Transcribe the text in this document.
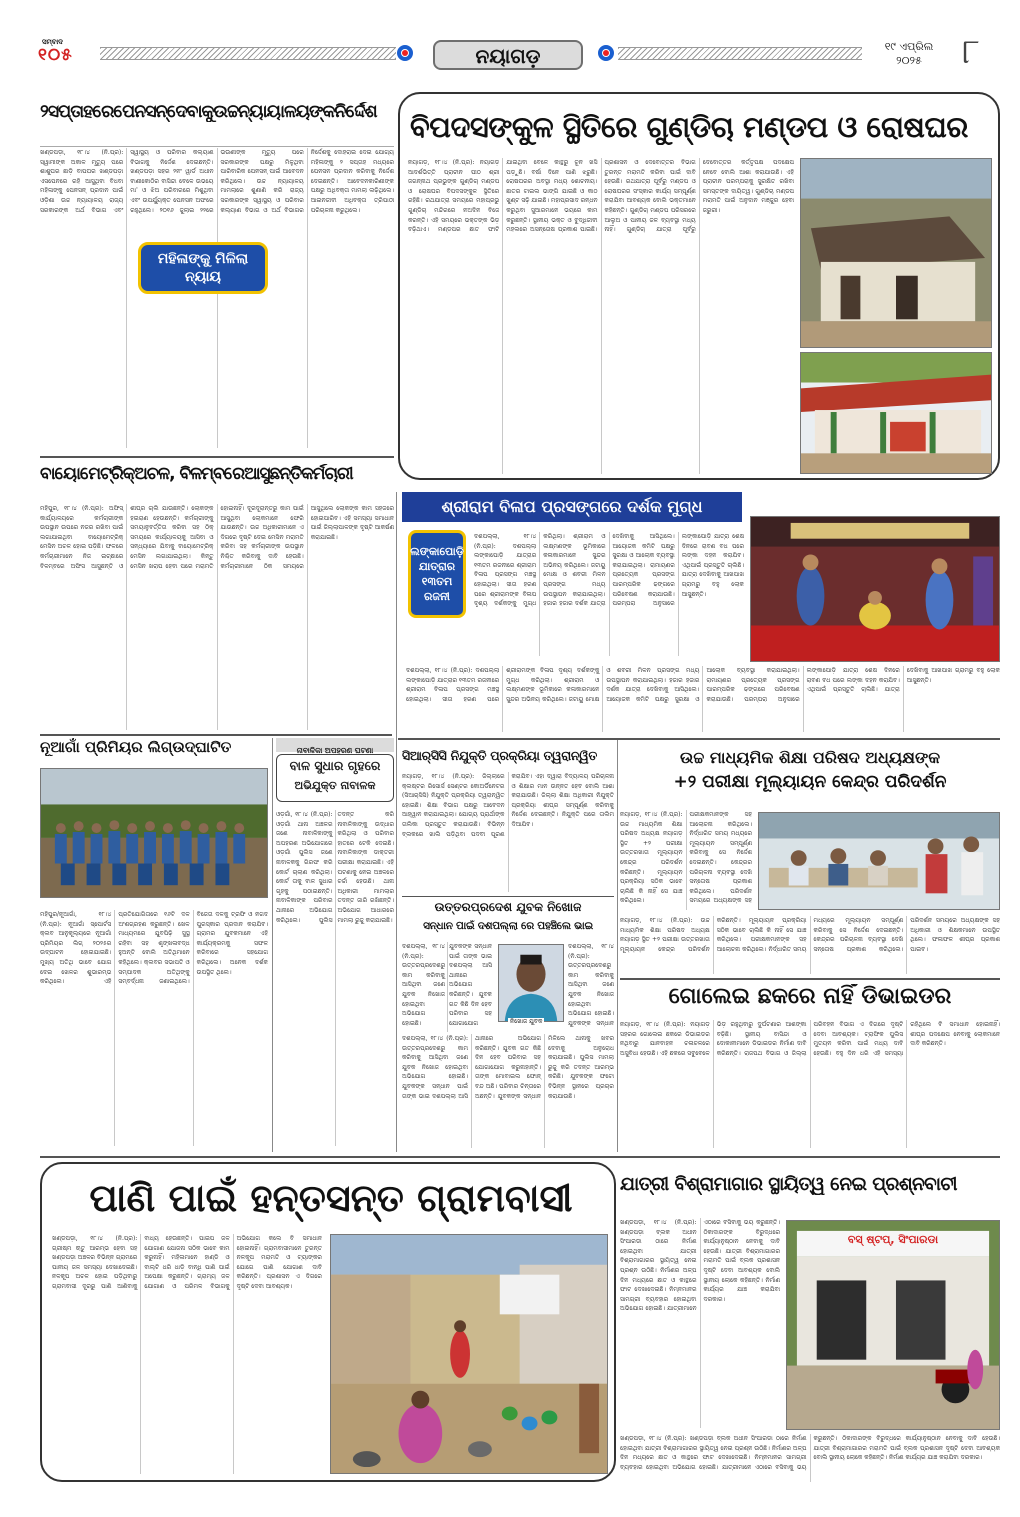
ସମ୍ବାଦ
୧୦୫	ନୟାଗଡ଼	୧୯ ଏପ୍ରିଲ
୨୦୨୫	୮
୨ସପ୍ତାହରେପେନସନ୍‌ଦେବାକୁଉଚ୍ଚନ୍ୟାୟାଳୟଙ୍କନିର୍ଦ୍ଦେଶ
ଖଣ୍ଡପଡ଼ା, ୧୮।୪ (ନି.ପ୍ର): ସ୍ୱାମୀଙ୍କ ଅକାଳ ମୃତ୍ୟୁ ପରେ ଶାଶୁଘର ଛାଡ଼ି ବାପଘର ଖଣ୍ଡପଡ଼ା ଏସପେନରେ ରହି ଆସୁଥିବା ବିଧବା ମହିଳାଙ୍କୁ ପେନସନ୍ ପ୍ରଦାନ ପାଇଁ ଓଡ଼ିଶା ଉଚ୍ଚ ନ୍ୟାୟାଳୟ ରାଜ୍ୟ ସରକାରଙ୍କ ଅର୍ଥ ବିଭାଗ ଏବଂ ସ୍ୱାସ୍ଥ୍ୟ ଓ ପରିବାର କଲ୍ୟାଣ ବିଭାଗକୁ ନିର୍ଦ୍ଦେଶ ଦେଇଛନ୍ତି। ଖଣ୍ଡପଡ଼ା ସହର ୨ନଂ ୱାର୍ଡ ଅଧୀନ ବାଣୀକୋଠିର ବାସିନ୍ଦା ବେଳେ ଉଭୟେ ମା' ଓ ଝିଅ ପରିବାରରେ ମିଶୁଥିବା ଏବଂ ଉପର୍ଯ୍ୟୁକ୍ତ ପେନସନ ଅଫରେ ରହୁଥିଲେ। ୨୦୧୬ ଜୁଲାଇ ୨୨ରେ ଭଉଣୀଙ୍କ ମୃତ୍ୟୁ ପରେ ସରକାରଙ୍କ ପକ୍ଷରୁ ମିଳୁଥିବା ପାରିବାରିକ ପେନସନ୍ ପାଇଁ ଆବେଦନ କରିଥିଲେ। ଉଚ୍ଚ ନ୍ୟାୟାଳୟ ମାମଲାରେ ଶୁଣାଣି କରି ରାଜ୍ୟ ସରକାରଙ୍କ ସ୍ୱାସ୍ଥ୍ୟ ଓ ପରିବାର କଲ୍ୟାଣ ବିଭାଗ ଓ ଅର୍ଥ ବିଭାଗର ନିର୍ଦ୍ଦେଶକୁ ଦୋହରାଇ ଦେଇ ଯୋଗ୍ୟ ମହିଳାଙ୍କୁ ୨ ସପ୍ତାହ ମଧ୍ୟରେ ପେନସନ ପ୍ରଦାନ କରିବାକୁ ନିର୍ଦ୍ଦେଶ ଦେଇଛନ୍ତି। ଆବେଦନକାରିଣୀଙ୍କ ପକ୍ଷରୁ ଅଧିବକ୍ତା ମାମଲା ଲଢ଼ିଥିଲେ। ଆଇନଜୀବୀ ଅଧିବକ୍ତା ତ୍ରିପାଠୀ ପରିଚାଳନା କରୁଥିଲେ।
ମହିଳାଙ୍କୁ ମିଳିଲା ନ୍ୟାୟ
ବିପଦସଙ୍କୁଳ ସ୍ଥିତିରେ ଗୁଣ୍ଡିଚା ମଣ୍ଡପ ଓ ରୋଷଘର
ନୟାଗଡ଼, ୧୮।୪ (ନି.ପ୍ର): ନୟାଗଡ଼ ଆଦର୍ଶଭିତ୍ତି ପ୍ରାଚୀନ ପୀଠ ଶ୍ରୀ ଜଗନ୍ନାଥ ପ୍ରଭୁଙ୍କ ଗୁଣ୍ଡିଚା ମଣ୍ଡପ ଓ ରୋଷଘର ବିପଦସଙ୍କୁଳ ସ୍ଥିତିରେ ରହିଛି। ରଥଯାତ୍ରା ସମୟରେ ମହାପ୍ରଭୁ ଗୁଣ୍ଡିଚା ମନ୍ଦିରରେ ନଅଦିନ ବିଜେ କରନ୍ତି। ଏହି ସମୟରେ ଭକ୍ତଙ୍କ ଭିଡ଼ ବଢ଼ିଥାଏ। ମଣ୍ଡପର ଛାତ ଫାଟି ଯାଇଥିବା ବେଳେ କାନ୍ଥରୁ ଚୂନ ଖସି ପଡ଼ୁଛି। ବର୍ଷା ଦିନେ ପାଣି ଝରୁଛି। ରୋଷଘରର ଅବସ୍ଥା ମଧ୍ୟ ଶୋଚନୀୟ। ଛାତର ଟାଇଲ ଭାଙ୍ଗି ଯାଇଛି ଓ କାଠ ଖୁଣ୍ଟ ସଢ଼ି ଯାଇଛି। ମହାପ୍ରସାଦ ରନ୍ଧନ କରୁଥିବା ସୁଆରମାନେ ଭୟରେ କାମ କରୁଛନ୍ତି। ସ୍ଥାନୀୟ ଭକ୍ତ ଓ ବୁଦ୍ଧିଜୀବୀ ମହଲରେ ଅସନ୍ତୋଷ ପ୍ରକାଶ ପାଇଛି। ପ୍ରଶାସନ ଓ ଦେବୋତ୍ତର ବିଭାଗ ତୁରନ୍ତ ମରାମତି କରିବା ପାଇଁ ଦାବି ହେଉଛି। ରଥଯାତ୍ରା ପୂର୍ବରୁ ମଣ୍ଡପ ଓ ରୋଷଘରର ସଂସ୍କାର କାର୍ଯ୍ୟ ସମ୍ପୂର୍ଣ୍ଣ କରାଯିବା ଆବଶ୍ୟକ ବୋଲି ଭକ୍ତମାନେ କହିଛନ୍ତି। ଗୁଣ୍ଡିଚା ମଣ୍ଡପ ପରିସରରେ ଆଲୁଅ ଓ ପାନୀୟ ଜଳ ବ୍ୟବସ୍ଥା ମଧ୍ୟ ନାହିଁ। ଗୁଣ୍ଡିଚା ଯାତ୍ରା ପୂର୍ବରୁ ଦେବୋତ୍ତର କର୍ତ୍ତୃପକ୍ଷ ପଦକ୍ଷେପ ନେବେ ବୋଲି ଆଶା କରାଯାଉଛି। ଏହି ପ୍ରାଚୀନ ପରମ୍ପରାକୁ ସୁରକ୍ଷିତ ରଖିବା ସମସ୍ତଙ୍କ ଦାୟିତ୍ୱ। ଗୁଣ୍ଡିଚା ମଣ୍ଡପ ମରାମତି ପାଇଁ ଅନୁଦାନ ମଞ୍ଜୁର ହେବା ଜରୁରୀ।
ବାୟୋମେଟ୍ରିକ୍‌ଅଚଳ, ବିଳମ୍ବରେଆସୁଛନ୍ତିକର୍ମଚାରୀ
ମହିପୁର, ୧୮।୪ (ନି.ପ୍ର): ଅଫିସ୍ କାର୍ଯ୍ୟାଳୟରେ କର୍ମଚାରୀଙ୍କ ଉପସ୍ଥାନ ଉପରେ ନଜର ରଖିବା ପାଇଁ ଲଗାଯାଇଥିବା ବାୟୋମେଟ୍ରିକ୍ ମେସିନ ଅଚଳ ହୋଇ ପଡ଼ିଛି। ଫଳରେ କର୍ମଚାରୀମାନେ ନିଜ ଇଚ୍ଛାରେ ବିଳମ୍ବରେ ଅଫିସ ଆସୁଛନ୍ତି ଓ ଶୀଘ୍ର ଚାଲି ଯାଉଛନ୍ତି। ଲୋକଙ୍କ ହଇରାଣ ହେଉଛନ୍ତି। କର୍ମଚାରୀଙ୍କୁ ସମୟାନୁବର୍ତ୍ତିତା କରିବା ସହ ଠିକ୍ ସମୟରେ କାର୍ଯ୍ୟାଳୟକୁ ଆସିବା ଓ ସନ୍ଧ୍ୟାରେ ଯିବାକୁ ବାୟୋମେଟ୍ରିକ୍ ମେସିନ ଲଗାଯାଇଥିଲା। କିନ୍ତୁ ମେସିନ ଖରାପ ହେବା ପରେ ମରାମତି ହୋଇନାହିଁ। ଦୂରଦୂରାନ୍ତରୁ କାମ ପାଇଁ ଆସୁଥିବା ଲୋକମାନେ ଫେରି ଯାଉଛନ୍ତି। ଉଚ୍ଚ ଅଧିକାରୀମାନେ ଏ ଦିଗରେ ଦୃଷ୍ଟି ଦେଇ ମେସିନ ମରାମତି କରିବା ସହ କର୍ମଚାରୀଙ୍କ ଉପସ୍ଥାନ ନିଶ୍ଚିତ କରିବାକୁ ଦାବି ହେଉଛି। କର୍ମଚାରୀମାନେ ଠିକ ସମୟରେ ଆସୁଥିଲେ ଲୋକଙ୍କ କାମ ସହଜରେ ହୋଇପାରିବ। ଏହି ସମସ୍ୟା ସମାଧାନ ପାଇଁ ଜିଲ୍ଲାପାଳଙ୍କ ଦୃଷ୍ଟି ଆକର୍ଷଣ କରାଯାଇଛି।
ଶ୍ରୀରାମ ବିଳାପ ପ୍ରସଙ୍ଗରେ ଦର୍ଶକ ମୁଗ୍ଧ
ଲଙ୍କାପୋଡ଼ି ଯାତ୍ରାର ୧୩ତମ ରଜନୀ
ଦଶପଲ୍ଲା, ୧୮।୪ (ନି.ପ୍ର): ଦଶପଲ୍ଲା ଲଙ୍କାପୋଡ଼ି ଯାତ୍ରାର ୧୩ତମ ରଜନୀରେ ଶ୍ରୀରାମ ବିଳାପ ପ୍ରସଙ୍ଗ ମଞ୍ଚସ୍ଥ ହୋଇଥିଲା। ସୀତା ହରଣ ପରେ ଶ୍ରୀରାମଙ୍କ ବିଳାପ ଦୃଶ୍ୟ ଦର୍ଶକଙ୍କୁ ମୁଗ୍ଧ କରିଥିଲା। ଶ୍ରୀରାମ ଓ ଲକ୍ଷ୍ମଣଙ୍କ ଭୂମିକାରେ କଳାକାରମାନେ ସୁନ୍ଦର ଅଭିନୟ କରିଥିଲେ। ଜଟାୟୁ ମୋକ୍ଷ ଓ ଶବରୀ ମିଳନ ପ୍ରସଙ୍ଗ ମଧ୍ୟ ଉପସ୍ଥାପନ କରାଯାଇଥିଲା। ହଜାର ହଜାର ଦର୍ଶକ ଯାତ୍ରା ଦେଖିବାକୁ ଆସିଥିଲେ। ଆୟୋଜକ କମିଟି ପକ୍ଷରୁ ସୁରକ୍ଷା ଓ ଆଲୋକ ବ୍ୟବସ୍ଥା କରାଯାଇଥିଲା। ରାମାୟଣର ପ୍ରତ୍ୟେକ ପ୍ରସଙ୍ଗ ପାରମ୍ପରିକ ଢଙ୍ଗରେ ପରିବେଷଣ କରାଯାଉଛି। ପରମ୍ପରା ଅନୁସାରେ ଲଙ୍କାପୋଡ଼ି ଯାତ୍ରା ଶେଷ ଦିନରେ ରାବଣ ବଧ ପରେ ଲଙ୍କା ଦହନ କରାଯିବ। ଏଥିପାଇଁ ପ୍ରସ୍ତୁତି ଚାଲିଛି। ଯାତ୍ରା ଦେଖିବାକୁ ଆଖପାଖ ଗ୍ରାମରୁ ବହୁ ଲୋକ ଆସୁଛନ୍ତି।
ଦଶପଲ୍ଲା, ୧୮।୪ (ନି.ପ୍ର): ଦଶପଲ୍ଲା ଲଙ୍କାପୋଡ଼ି ଯାତ୍ରାର ୧୩ତମ ରଜନୀରେ ଶ୍ରୀରାମ ବିଳାପ ପ୍ରସଙ୍ଗ ମଞ୍ଚସ୍ଥ ହୋଇଥିଲା। ସୀତା ହରଣ ପରେ ଶ୍ରୀରାମଙ୍କ ବିଳାପ ଦୃଶ୍ୟ ଦର୍ଶକଙ୍କୁ ମୁଗ୍ଧ କରିଥିଲା। ଶ୍ରୀରାମ ଓ ଲକ୍ଷ୍ମଣଙ୍କ ଭୂମିକାରେ କଳାକାରମାନେ ସୁନ୍ଦର ଅଭିନୟ କରିଥିଲେ। ଜଟାୟୁ ମୋକ୍ଷ ଓ ଶବରୀ ମିଳନ ପ୍ରସଙ୍ଗ ମଧ୍ୟ ଉପସ୍ଥାପନ କରାଯାଇଥିଲା। ହଜାର ହଜାର ଦର୍ଶକ ଯାତ୍ରା ଦେଖିବାକୁ ଆସିଥିଲେ। ଆୟୋଜକ କମିଟି ପକ୍ଷରୁ ସୁରକ୍ଷା ଓ ଆଲୋକ ବ୍ୟବସ୍ଥା କରାଯାଇଥିଲା। ରାମାୟଣର ପ୍ରତ୍ୟେକ ପ୍ରସଙ୍ଗ ପାରମ୍ପରିକ ଢଙ୍ଗରେ ପରିବେଷଣ କରାଯାଉଛି। ପରମ୍ପରା ଅନୁସାରେ ଲଙ୍କାପୋଡ଼ି ଯାତ୍ରା ଶେଷ ଦିନରେ ରାବଣ ବଧ ପରେ ଲଙ୍କା ଦହନ କରାଯିବ। ଏଥିପାଇଁ ପ୍ରସ୍ତୁତି ଚାଲିଛି। ଯାତ୍ରା ଦେଖିବାକୁ ଆଖପାଖ ଗ୍ରାମରୁ ବହୁ ଲୋକ ଆସୁଛନ୍ତି।
ନୂଆଗାଁ ପ୍ରିମିୟର ଲିଗ୍‌ଉଦ୍‌ଘାଟିତ
ମହିପୁର/ନୂଆଗାଁ, ୧୮।୪ (ନି.ପ୍ର): ନୂଆଗାଁ ସ୍ପୋର୍ଟସ କ୍ଲବ ଆନୁକୂଲ୍ୟରେ ନୂଆଗାଁ ପ୍ରିମିୟର ଲିଗ୍ ୨୦୨୫ର ଉଦ୍‌ଘାଟନ ହୋଇଯାଇଛି। ମୁଖ୍ୟ ଅତିଥି ଭାବେ ଯୋଗ ଦେଇ ଖେଳର ଶୁଭାରମ୍ଭ କରିଥିଲେ। ଏହି ପ୍ରତିଯୋଗିତାରେ ୧୬ଟି ଦଳ ଅଂଶଗ୍ରହଣ କରୁଛନ୍ତି। ଖେଳ ମାଧ୍ୟମରେ ଯୁବପିଢ଼ି ସୁସ୍ଥ ରହିବା ସହ ଶୃଙ୍ଖଳାବଦ୍ଧ ହୁଅନ୍ତି ବୋଲି ଅତିଥିମାନେ କହିଥିଲେ। କ୍ଲବର ସଭାପତି ଓ ସମ୍ପାଦକ ଅତିଥିଙ୍କୁ ସମ୍ବର୍ଦ୍ଧନା ଜଣାଇଥିଲେ। ବିଜେତା ଦଳକୁ ଟ୍ରଫି ଓ ନଗଦ ପୁରସ୍କାର ପ୍ରଦାନ କରାଯିବ। ଗ୍ରାମର ଯୁବକମାନେ ଏହି କାର୍ଯ୍ୟକ୍ରମକୁ ସଫଳ କରିବାରେ ସହଯୋଗ କରିଥିଲେ। ଅନେକ ଦର୍ଶକ ଉପସ୍ଥିତ ଥିଲେ।
ନାବାଳିକା ଅପହରଣ ଘଟଣା
ବାଳ ସୁଧାର ଗୃହରେ
ଅଭିଯୁକ୍ତ ନାବାଳକ
ଓଡ଼ଗାଁ, ୧୮।୪ (ନି.ପ୍ର): ଓଡ଼ଗାଁ ଥାନା ଅଞ୍ଚଳର ଜଣେ ନାବାଳିକାଙ୍କୁ ଅପହରଣ ଅଭିଯୋଗରେ ଓଡ଼ଗାଁ ପୁଲିସ ଜଣେ ନାବାଳକକୁ ଗିରଫ କରି କୋର୍ଟ ଚାଲାଣ କରିଥିଲା। କୋର୍ଟ ତାକୁ ବାଳ ସୁଧାର ଗୃହକୁ ପଠାଇଛନ୍ତି। ନାବାଳିକାଙ୍କ ପରିବାର ଥାନାରେ ଅଭିଯୋଗ କରିଥିଲେ। ପୁଲିସ ତଦନ୍ତ କରି ନାବାଳିକାଙ୍କୁ ଉଦ୍ଧାର କରିଥିଲା ଓ ପରିବାର ହାତରେ ଟେକି ଦେଇଛି। ନାବାଳିକାଙ୍କ ଡାକ୍ତରୀ ପରୀକ୍ଷା କରାଯାଇଛି। ଏହି ଘଟଣାକୁ ନେଇ ଅଞ୍ଚଳରେ ଚର୍ଚ୍ଚା ହେଉଛି। ଥାନା ଅଧିକାରୀ ମାମଲାର ତଦନ୍ତ ଜାରି ରଖିଛନ୍ତି। ଅଭିଯୋଗ ଆଧାରରେ ମାମଲା ରୁଜୁ କରାଯାଇଛି।
ସିଆର୍‌ସିସି ନିଯୁକ୍ତି ପ୍ରକ୍ରିୟା ତ୍ୱରାନ୍ୱିତ
ନୟାଗଡ଼, ୧୮।୪ (ନି.ପ୍ର): ଜିଲ୍ଲାରେ କ୍ଲଷ୍ଟର ରିସୋର୍ସ ସେଣ୍ଟର କୋଅର୍ଡିନେଟର (ସିଆର୍‌ସିସି) ନିଯୁକ୍ତି ପ୍ରକ୍ରିୟା ତ୍ୱରାନ୍ୱିତ ହୋଇଛି। ଶିକ୍ଷା ବିଭାଗ ପକ୍ଷରୁ ଆବେଦନ ଆହ୍ୱାନ କରାଯାଇଥିଲା। ଯୋଗ୍ୟ ପ୍ରାର୍ଥୀଙ୍କ ତାଲିକା ପ୍ରସ୍ତୁତ କରାଯାଉଛି। ବିଭିନ୍ନ ବ୍ଲକରେ ଖାଲି ପଡ଼ିଥିବା ପଦବୀ ପୂରଣ କରାଯିବ। ଏହା ଦ୍ୱାରା ବିଦ୍ୟାଳୟ ପରିଚାଳନା ଓ ଶିକ୍ଷାର ମାନ ଉନ୍ନତ ହେବ ବୋଲି ଆଶା କରାଯାଉଛି। ଜିଲ୍ଲା ଶିକ୍ଷା ଅଧିକାରୀ ନିଯୁକ୍ତି ପ୍ରକ୍ରିୟା ଶୀଘ୍ର ସମ୍ପୂର୍ଣ୍ଣ କରିବାକୁ ନିର୍ଦ୍ଦେଶ ଦେଇଛନ୍ତି। ନିଯୁକ୍ତି ପରେ ତାଲିମ ଦିଆଯିବ।
ଉତ୍ତରପ୍ରଦେଶ ଯୁବକ ନିଖୋଜ
ସନ୍ଧାନ ପାଇଁ ଦଶପଲ୍ଲା ରେ ପହଞ୍ଚିଲେ ଭାଇ
ଦଶପଲ୍ଲା, ୧୮।୪ (ନି.ପ୍ର): ଉତ୍ତରପ୍ରଦେଶରୁ କାମ କରିବାକୁ ଆସିଥିବା ଜଣେ ଯୁବକ ନିଖୋଜ ହୋଇଥିବା ଅଭିଯୋଗ ହୋଇଛି। ଯୁବକଙ୍କ ସନ୍ଧାନ ପାଇଁ ତାଙ୍କ ଭାଇ ଦଶପଲ୍ଲା ଆସି ଥାନାରେ ଅଭିଯୋଗ କରିଛନ୍ତି। ଯୁବକ ଗତ କିଛି ଦିନ ହେବ ପରିବାର ସହ ଯୋଗାଯୋଗ	ନିଖୋଜ ଯୁବକ
ଦଶପଲ୍ଲା, ୧୮।୪ (ନି.ପ୍ର): ଉତ୍ତରପ୍ରଦେଶରୁ କାମ କରିବାକୁ ଆସିଥିବା ଜଣେ ଯୁବକ ନିଖୋଜ ହୋଇଥିବା ଅଭିଯୋଗ ହୋଇଛି। ଯୁବକଙ୍କ ସନ୍ଧାନ
ଦଶପଲ୍ଲା, ୧୮।୪ (ନି.ପ୍ର): ଉତ୍ତରପ୍ରଦେଶରୁ କାମ କରିବାକୁ ଆସିଥିବା ଜଣେ ଯୁବକ ନିଖୋଜ ହୋଇଥିବା ଅଭିଯୋଗ ହୋଇଛି। ଯୁବକଙ୍କ ସନ୍ଧାନ ପାଇଁ ତାଙ୍କ ଭାଇ ଦଶପଲ୍ଲା ଆସି ଥାନାରେ ଅଭିଯୋଗ କରିଛନ୍ତି। ଯୁବକ ଗତ କିଛି ଦିନ ହେବ ପରିବାର ସହ ଯୋଗାଯୋଗ କରୁନାହାନ୍ତି। ତାଙ୍କ ମୋବାଇଲ ଫୋନ୍ ବନ୍ଦ ଅଛି। ପରିବାର ଚିନ୍ତାରେ ଅଛନ୍ତି। ଯୁବକଙ୍କ ସନ୍ଧାନ ମିଳିଲେ ଥାନାକୁ ଖବର ଦେବାକୁ ଅନୁରୋଧ କରାଯାଇଛି। ପୁଲିସ ମାମଲା ରୁଜୁ କରି ତଦନ୍ତ ଆରମ୍ଭ କରିଛି। ଯୁବକଙ୍କ ଫଟୋ ବିଭିନ୍ନ ସ୍ଥାନରେ ପ୍ରଚାର କରାଯାଉଛି।
ଉଚ୍ଚ ମାଧ୍ୟମିକ ଶିକ୍ଷା ପରିଷଦ ଅଧ୍ୟକ୍ଷଙ୍କ
+୨ ପରୀକ୍ଷା ମୂଲ୍ୟାୟନ କେନ୍ଦ୍ର ପରିଦର୍ଶନ
ନୟାଗଡ଼, ୧୮।୪ (ନି.ପ୍ର): ଉଚ୍ଚ ମାଧ୍ୟମିକ ଶିକ୍ଷା ପରିଷଦ ଅଧ୍ୟକ୍ଷ ନୟାଗଡ଼ ସ୍ଥିତ +୨ ପରୀକ୍ଷା ଉତ୍ତରଖାତା ମୂଲ୍ୟାୟନ କେନ୍ଦ୍ର ପରିଦର୍ଶନ କରିଛନ୍ତି। ମୂଲ୍ୟାୟନ ପ୍ରକ୍ରିୟା ସଠିକ ଭାବେ ଚାଲିଛି କି ନାହିଁ ସେ ଯାଞ୍ଚ କରିଥିଲେ। ପରୀକ୍ଷକମାନଙ୍କ ସହ ଆଲୋଚନା କରିଥିଲେ। ନିର୍ଦ୍ଧାରିତ ସମୟ ମଧ୍ୟରେ ମୂଲ୍ୟାୟନ ସମ୍ପୂର୍ଣ୍ଣ କରିବାକୁ ସେ ନିର୍ଦ୍ଦେଶ ଦେଇଛନ୍ତି। କେନ୍ଦ୍ରର ପରିଚାଳନା ବ୍ୟବସ୍ଥା ଦେଖି ସନ୍ତୋଷ ପ୍ରକାଶ କରିଥିଲେ। ପରିଦର୍ଶନ ସମୟରେ ଅଧ୍ୟକ୍ଷଙ୍କ ସହ
ନୟାଗଡ଼, ୧୮।୪ (ନି.ପ୍ର): ଉଚ୍ଚ ମାଧ୍ୟମିକ ଶିକ୍ଷା ପରିଷଦ ଅଧ୍ୟକ୍ଷ ନୟାଗଡ଼ ସ୍ଥିତ +୨ ପରୀକ୍ଷା ଉତ୍ତରଖାତା ମୂଲ୍ୟାୟନ କେନ୍ଦ୍ର ପରିଦର୍ଶନ କରିଛନ୍ତି। ମୂଲ୍ୟାୟନ ପ୍ରକ୍ରିୟା ସଠିକ ଭାବେ ଚାଲିଛି କି ନାହିଁ ସେ ଯାଞ୍ଚ କରିଥିଲେ। ପରୀକ୍ଷକମାନଙ୍କ ସହ ଆଲୋଚନା କରିଥିଲେ। ନିର୍ଦ୍ଧାରିତ ସମୟ ମଧ୍ୟରେ ମୂଲ୍ୟାୟନ ସମ୍ପୂର୍ଣ୍ଣ କରିବାକୁ ସେ ନିର୍ଦ୍ଦେଶ ଦେଇଛନ୍ତି। କେନ୍ଦ୍ରର ପରିଚାଳନା ବ୍ୟବସ୍ଥା ଦେଖି ସନ୍ତୋଷ ପ୍ରକାଶ କରିଥିଲେ। ପରିଦର୍ଶନ ସମୟରେ ଅଧ୍ୟକ୍ଷଙ୍କ ସହ ଅଧିକାରୀ ଓ ଶିକ୍ଷକମାନେ ଉପସ୍ଥିତ ଥିଲେ। ଫଳାଫଳ ଶୀଘ୍ର ପ୍ରକାଶ ପାଇବ।
ଗୋଲେଇ ଛକରେ ନାହିଁ ଡିଭାଇଡର
ନୟାଗଡ଼, ୧୮।୪ (ନି.ପ୍ର): ନୟାଗଡ଼ ସହରର ଗୋଲେଇ ଛକରେ ଡିଭାଇଡର ନଥିବାରୁ ଯାନବାହନ ଚଳାଚଳରେ ଅସୁବିଧା ହେଉଛି। ଏହି ଛକରେ ସବୁବେଳେ ଭିଡ଼ ରହୁଥିବାରୁ ଦୁର୍ଘଟଣାର ଆଶଙ୍କା ବଢ଼ିଛି। ସ୍ଥାନୀୟ ବାସିନ୍ଦା ଓ ଦୋକାନୀମାନେ ଡିଭାଇଡର ନିର୍ମାଣ ଦାବି କରିଛନ୍ତି। ରାଜପଥ ବିଭାଗ ଓ ଜିଲ୍ଲା ପରିବହନ ବିଭାଗ ଏ ଦିଗରେ ଦୃଷ୍ଟି ଦେବା ଆବଶ୍ୟକ। ଟ୍ରାଫିକ ପୁଲିସ ମୁତୟନ କରିବା ପାଇଁ ମଧ୍ୟ ଦାବି ହେଉଛି। ବହୁ ଦିନ ଧରି ଏହି ସମସ୍ୟା ରହିଥିଲେ ବି ସମାଧାନ ହୋଇନାହିଁ। ଶୀଘ୍ର ପଦକ୍ଷେପ ନେବାକୁ ଲୋକମାନେ ଦାବି କରିଛନ୍ତି।
ପାଣି ପାଇଁ ହନ୍ତସନ୍ତ ଗ୍ରାମବାସୀ
ଖଣ୍ଡପଡ଼ା, ୧୮।୪ (ନି.ପ୍ର): ଗ୍ରୀଷ୍ମ ଋତୁ ଆରମ୍ଭ ହେବା ସହ ଖଣ୍ଡପଡ଼ା ଅଞ୍ଚଳର ବିଭିନ୍ନ ଗ୍ରାମରେ ପାନୀୟ ଜଳ ସମସ୍ୟା ଦେଖାଦେଇଛି। ନଳକୂପ ଅଚଳ ହୋଇ ପଡ଼ିଥିବାରୁ ଗ୍ରାମବାସୀ ଦୂରରୁ ପାଣି ଆଣିବାକୁ ବାଧ୍ୟ ହେଉଛନ୍ତି। ପାଇପ ଜଳ ଯୋଗାଣ ଯୋଜନା ସଠିକ ଭାବେ କାମ କରୁନାହିଁ। ମହିଳାମାନେ ହାଣ୍ଡି ଓ ବାଲ୍ଟି ଧରି ଧାଡ଼ି ବାନ୍ଧି ପାଣି ପାଇଁ ଅପେକ୍ଷା କରୁଛନ୍ତି। ଗ୍ରାମ୍ୟ ଜଳ ଯୋଗାଣ ଓ ପରିମଳ ବିଭାଗକୁ ଅଭିଯୋଗ କଲେ ବି ସମାଧାନ ହୋଇନାହିଁ। ଗ୍ରାମବାସୀମାନେ ତୁରନ୍ତ ନଳକୂପ ମରାମତି ଓ ଟ୍ୟାଙ୍କର ଯୋଗେ ପାଣି ଯୋଗାଣ ଦାବି କରିଛନ୍ତି। ପ୍ରଶାସନ ଏ ଦିଗରେ ଦୃଷ୍ଟି ଦେବା ଆବଶ୍ୟକ।
ଯାତ୍ରୀ ବିଶ୍ରାମାଗାର ସ୍ଥାୟିତ୍ୱ ନେଇ ପ୍ରଶ୍ନବାଚୀ
ଖଣ୍ଡପଡ଼ା, ୧୮।୪ (ନି.ପ୍ର): ଖଣ୍ଡପଡ଼ା ବ୍ଲକ ଅଧୀନ ସିଂପାରଡା ଠାରେ ନିର୍ମାଣ ହୋଇଥିବା ଯାତ୍ରୀ ବିଶ୍ରାମାଗାରର ସ୍ଥାୟିତ୍ୱ ନେଇ ପ୍ରଶ୍ନ ଉଠିଛି। ନିର୍ମାଣର ଅଳ୍ପ ଦିନ ମଧ୍ୟରେ ଛାତ ଓ କାନ୍ଥରେ ଫାଟ ଦେଖାଦେଇଛି। ନିମ୍ନମାନର ସାମଗ୍ରୀ ବ୍ୟବହାର ହୋଇଥିବା ଅଭିଯୋଗ ହୋଇଛି। ଯାତ୍ରୀମାନେ ଏଠାରେ ବସିବାକୁ ଭୟ କରୁଛନ୍ତି। ଠିକାଦାରଙ୍କ ବିରୁଦ୍ଧରେ କାର୍ଯ୍ୟାନୁଷ୍ଠାନ ନେବାକୁ ଦାବି ହେଉଛି। ଯାତ୍ରୀ ବିଶ୍ରାମାଗାରର ମରାମତି ପାଇଁ ବ୍ଲକ ପ୍ରଶାସନ ଦୃଷ୍ଟି ଦେବା ଆବଶ୍ୟକ ବୋଲି ସ୍ଥାନୀୟ ଲୋକେ କହିଛନ୍ତି। ନିର୍ମାଣ କାର୍ଯ୍ୟର ଯାଞ୍ଚ କରାଯିବା ଦରକାର।
ବସ୍ ଷ୍ଟପ୍, ସିଂପାରଡା
ଖଣ୍ଡପଡ଼ା, ୧୮।୪ (ନି.ପ୍ର): ଖଣ୍ଡପଡ଼ା ବ୍ଲକ ଅଧୀନ ସିଂପାରଡା ଠାରେ ନିର୍ମାଣ ହୋଇଥିବା ଯାତ୍ରୀ ବିଶ୍ରାମାଗାରର ସ୍ଥାୟିତ୍ୱ ନେଇ ପ୍ରଶ୍ନ ଉଠିଛି। ନିର୍ମାଣର ଅଳ୍ପ ଦିନ ମଧ୍ୟରେ ଛାତ ଓ କାନ୍ଥରେ ଫାଟ ଦେଖାଦେଇଛି। ନିମ୍ନମାନର ସାମଗ୍ରୀ ବ୍ୟବହାର ହୋଇଥିବା ଅଭିଯୋଗ ହୋଇଛି। ଯାତ୍ରୀମାନେ ଏଠାରେ ବସିବାକୁ ଭୟ କରୁଛନ୍ତି। ଠିକାଦାରଙ୍କ ବିରୁଦ୍ଧରେ କାର୍ଯ୍ୟାନୁଷ୍ଠାନ ନେବାକୁ ଦାବି ହେଉଛି। ଯାତ୍ରୀ ବିଶ୍ରାମାଗାରର ମରାମତି ପାଇଁ ବ୍ଲକ ପ୍ରଶାସନ ଦୃଷ୍ଟି ଦେବା ଆବଶ୍ୟକ ବୋଲି ସ୍ଥାନୀୟ ଲୋକେ କହିଛନ୍ତି। ନିର୍ମାଣ କାର୍ଯ୍ୟର ଯାଞ୍ଚ କରାଯିବା ଦରକାର।
